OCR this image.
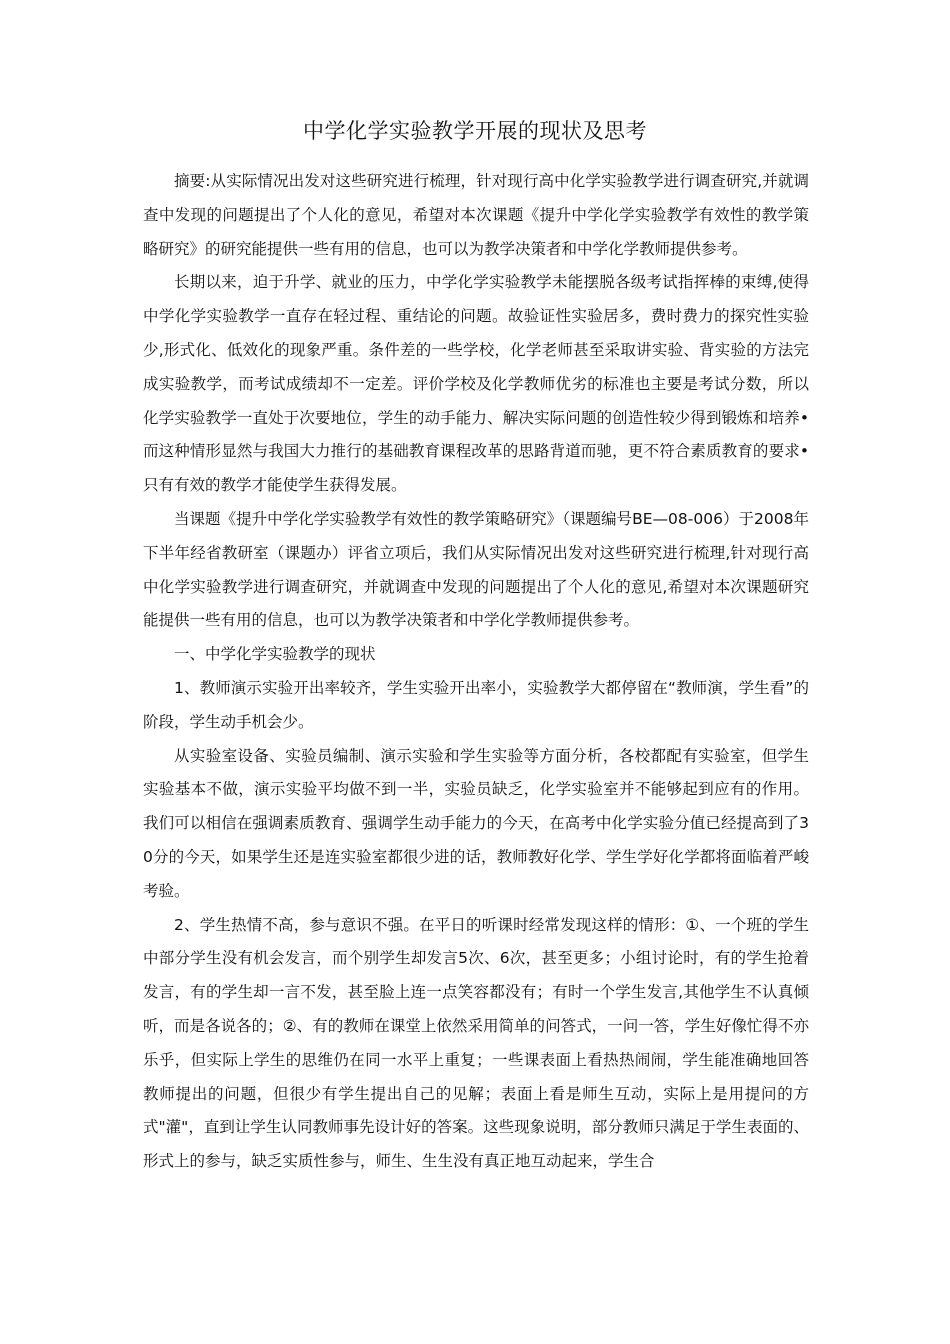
中学化学实验教学开展的现状及思考

摘要:从实际情况出发对这些研究进行梳理，针对现行高中化学实验教学进行调查研究,并就调查中发现的问题提出了个人化的意见，希望对本次课题《提升中学化学实验教学有效性的教学策略研究》的研究能提供一些有用的信息，也可以为教学决策者和中学化学教师提供参考。

长期以来，迫于升学、就业的压力，中学化学实验教学未能摆脱各级考试指挥棒的束缚,使得中学化学实验教学一直存在轻过程、重结论的问题。故验证性实验居多，费时费力的探究性实验少,形式化、低效化的现象严重。条件差的一些学校，化学老师甚至采取讲实验、背实验的方法完成实验教学，而考试成绩却不一定差。评价学校及化学教师优劣的标准也主要是考试分数，所以化学实验教学一直处于次要地位，学生的动手能力、解决实际问题的创造性较少得到锻炼和培养•而这种情形显然与我国大力推行的基础教育课程改革的思路背道而驰，更不符合素质教育的要求•只有有效的教学才能使学生获得发展。

当课题《提升中学化学实验教学有效性的教学策略研究》（课题编号BE—08-006）于2008年下半年经省教研室（课题办）评省立项后，我们从实际情况出发对这些研究进行梳理,针对现行高中化学实验教学进行调查研究，并就调查中发现的问题提出了个人化的意见,希望对本次课题研究能提供一些有用的信息，也可以为教学决策者和中学化学教师提供参考。

一、中学化学实验教学的现状

1、教师演示实验开出率较齐，学生实验开出率小，实验教学大都停留在“教师演，学生看”的阶段，学生动手机会少。

从实验室设备、实验员编制、演示实验和学生实验等方面分析，各校都配有实验室，但学生实验基本不做，演示实验平均做不到一半，实验员缺乏，化学实验室并不能够起到应有的作用。我们可以相信在强调素质教育、强调学生动手能力的今天，在高考中化学实验分值已经提高到了30分的今天，如果学生还是连实验室都很少进的话，教师教好化学、学生学好化学都将面临着严峻考验。

2、学生热情不高，参与意识不强。在平日的听课时经常发现这样的情形：①、一个班的学生中部分学生没有机会发言，而个别学生却发言5次、6次，甚至更多；小组讨论时，有的学生抢着发言，有的学生却一言不发，甚至脸上连一点笑容都没有；有时一个学生发言,其他学生不认真倾听，而是各说各的；②、有的教师在课堂上依然采用简单的问答式，一问一答，学生好像忙得不亦乐乎，但实际上学生的思维仍在同一水平上重复；一些课表面上看热热闹闹，学生能准确地回答教师提出的问题，但很少有学生提出自己的见解；表面上看是师生互动，实际上是用提问的方式"灌"，直到让学生认同教师事先设计好的答案。这些现象说明，部分教师只满足于学生表面的、形式上的参与，缺乏实质性参与，师生、生生没有真正地互动起来，学生合
